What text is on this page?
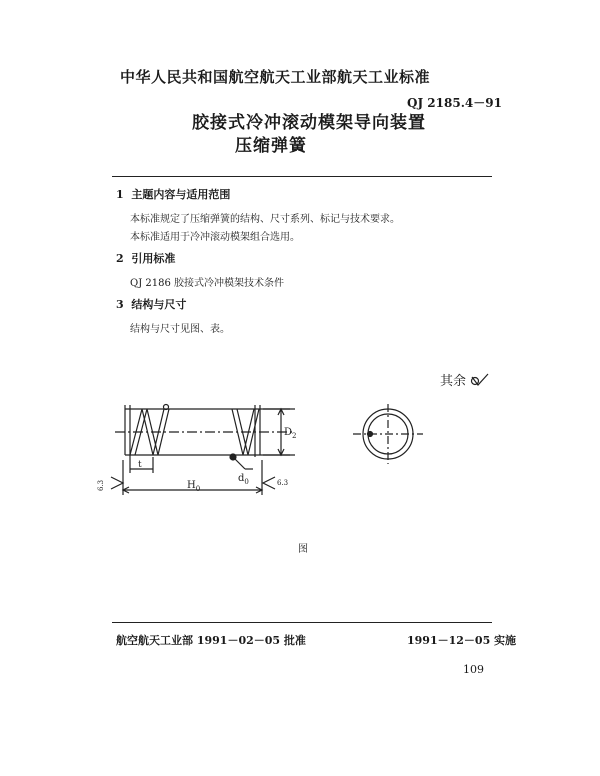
中华人民共和国航空航天工业部航天工业标准
QJ 2185.4－91
胶接式冷冲滚动模架导向装置
压缩弹簧
1 主题内容与适用范围
本标准规定了压缩弹簧的结构、尺寸系列、标记与技术要求。
本标准适用于冷冲滚动模架组合选用。
2 引用标准
QJ 2186 胶接式冷冲模架技术条件
3 结构与尺寸
结构与尺寸见图、表。
其余
$D_2$
t
$d_0$
$H_0$
6.3	6.3
图
航空航天工业部 1991－02－05 批准	1991－12－05 实施
109
